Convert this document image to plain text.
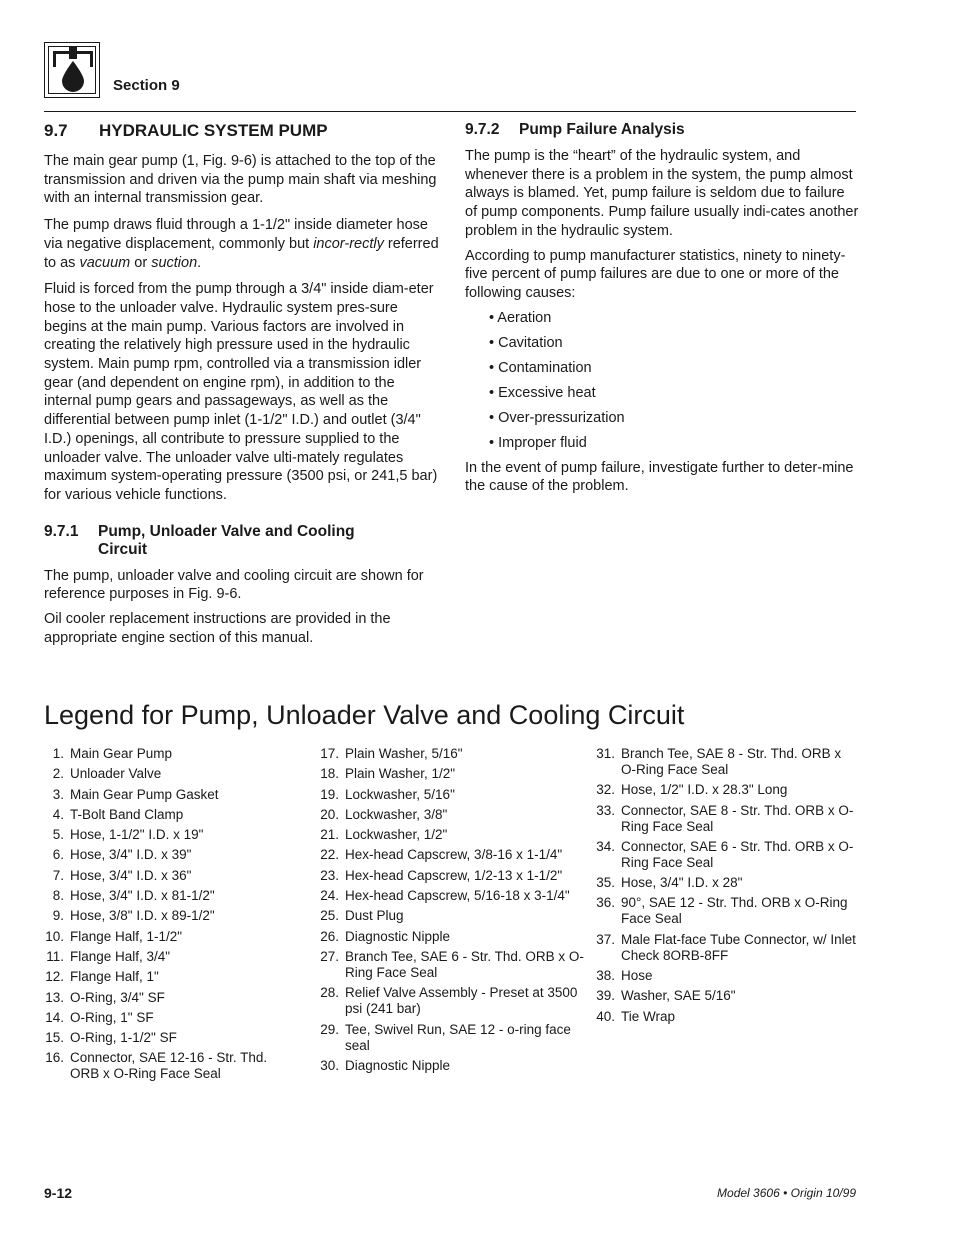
Section 9
9.7 HYDRAULIC SYSTEM PUMP

The main gear pump (1, Fig. 9-6) is attached to the top of the transmission and driven via the pump main shaft via meshing with an internal transmission gear.

The pump draws fluid through a 1-1/2" inside diameter hose via negative displacement, commonly but incor-rectly referred to as vacuum or suction.

Fluid is forced from the pump through a 3/4" inside diam-eter hose to the unloader valve. Hydraulic system pres-sure begins at the main pump. Various factors are involved in creating the relatively high pressure used in the hydraulic system. Main pump rpm, controlled via a transmission idler gear (and dependent on engine rpm), in addition to the internal pump gears and passageways, as well as the differential between pump inlet (1-1/2" I.D.) and outlet (3/4" I.D.) openings, all contribute to pressure supplied to the unloader valve. The unloader valve ulti-mately regulates maximum system-operating pressure (3500 psi, or 241,5 bar) for various vehicle functions.

9.7.1	Pump, Unloader Valve and Cooling Circuit

The pump, unloader valve and cooling circuit are shown for reference purposes in Fig. 9-6.

Oil cooler replacement instructions are provided in the appropriate engine section of this manual.

9.7.2 Pump Failure Analysis

The pump is the “heart” of the hydraulic system, and whenever there is a problem in the system, the pump almost always is blamed. Yet, pump failure is seldom due to failure of pump components. Pump failure usually indi-cates another problem in the hydraulic system.

According to pump manufacturer statistics, ninety to ninety-five percent of pump failures are due to one or more of the following causes:

• Aeration
• Cavitation
• Contamination
• Excessive heat
• Over-pressurization
• Improper fluid

In the event of pump failure, investigate further to deter-mine the cause of the problem.

Legend for Pump, Unloader Valve and Cooling Circuit
1. Main Gear Pump
2. Unloader Valve
3. Main Gear Pump Gasket
4. T-Bolt Band Clamp
5. Hose, 1-1/2" I.D. x 19"
6. Hose, 3/4" I.D. x 39"
7. Hose, 3/4" I.D. x 36"
8. Hose, 3/4" I.D. x 81-1/2"
9. Hose, 3/8" I.D. x 89-1/2"
10. Flange Half, 1-1/2"
11. Flange Half, 3/4"
12. Flange Half, 1"
13. O-Ring, 3/4" SF
14. O-Ring, 1" SF
15. O-Ring, 1-1/2" SF
16. Connector, SAE 12-16 - Str. Thd. ORB x O-Ring Face Seal
17. Plain Washer, 5/16"
18. Plain Washer, 1/2"
19. Lockwasher, 5/16"
20. Lockwasher, 3/8"
21. Lockwasher, 1/2"
22. Hex-head Capscrew, 3/8-16 x 1-1/4"
23. Hex-head Capscrew, 1/2-13 x 1-1/2"
24. Hex-head Capscrew, 5/16-18 x 3-1/4"
25. Dust Plug
26. Diagnostic Nipple
27. Branch Tee, SAE 6 - Str. Thd. ORB x O-Ring Face Seal
28. Relief Valve Assembly - Preset at 3500 psi (241 bar)
29. Tee, Swivel Run, SAE 12 - o-ring face seal
30. Diagnostic Nipple
31. Branch Tee, SAE 8 - Str. Thd. ORB x O-Ring Face Seal
32. Hose, 1/2" I.D. x 28.3" Long
33. Connector, SAE 8 - Str. Thd. ORB x O-Ring Face Seal
34. Connector, SAE 6 - Str. Thd. ORB x O-Ring Face Seal
35. Hose, 3/4" I.D. x 28"
36. 90°, SAE 12 - Str. Thd. ORB x O-Ring Face Seal
37. Male Flat-face Tube Connector, w/ Inlet Check 8ORB-8FF
38. Hose
39. Washer, SAE 5/16"
40. Tie Wrap
9-12	Model 3606 • Origin 10/99
